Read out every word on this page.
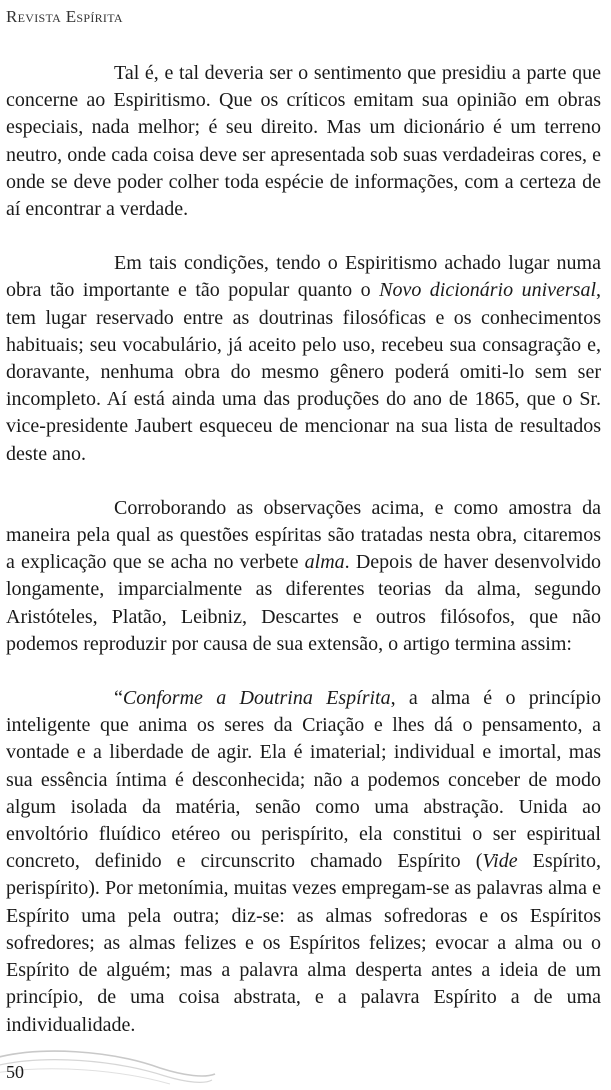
Revista Espírita

Tal é, e tal deveria ser o sentimento que presidiu a parte que concerne ao Espiritismo. Que os críticos emitam sua opinião em obras especiais, nada melhor; é seu direito. Mas um dicionário é um terreno neutro, onde cada coisa deve ser apresentada sob suas verdadeiras cores, e onde se deve poder colher toda espécie de informações, com a certeza de aí encontrar a verdade.

Em tais condições, tendo o Espiritismo achado lugar numa obra tão importante e tão popular quanto o Novo dicionário universal, tem lugar reservado entre as doutrinas filosóficas e os conhecimentos habituais; seu vocabulário, já aceito pelo uso, recebeu sua consagração e, doravante, nenhuma obra do mesmo gênero poderá omiti-lo sem ser incompleto. Aí está ainda uma das produções do ano de 1865, que o Sr. vice-presidente Jaubert esqueceu de mencionar na sua lista de resultados deste ano.

Corroborando as observações acima, e como amostra da maneira pela qual as questões espíritas são tratadas nesta obra, citaremos a explicação que se acha no verbete alma. Depois de haver desenvolvido longamente, imparcialmente as diferentes teorias da alma, segundo Aristóteles, Platão, Leibniz, Descartes e outros filósofos, que não podemos reproduzir por causa de sua extensão, o artigo termina assim:

“Conforme a Doutrina Espírita, a alma é o princípio inteligente que anima os seres da Criação e lhes dá o pensamento, a vontade e a liberdade de agir. Ela é imaterial; individual e imortal, mas sua essência íntima é desconhecida; não a podemos conceber de modo algum isolada da matéria, senão como uma abstração. Unida ao envoltório fluídico etéreo ou perispírito, ela constitui o ser espiritual concreto, definido e circunscrito chamado Espírito (Vide Espírito, perispírito). Por metonímia, muitas vezes empregam-se as palavras alma e Espírito uma pela outra; diz-se: as almas sofredoras e os Espíritos sofredores; as almas felizes e os Espíritos felizes; evocar a alma ou o Espírito de alguém; mas a palavra alma desperta antes a ideia de um princípio, de uma coisa abstrata, e a palavra Espírito a de uma individualidade.

50
